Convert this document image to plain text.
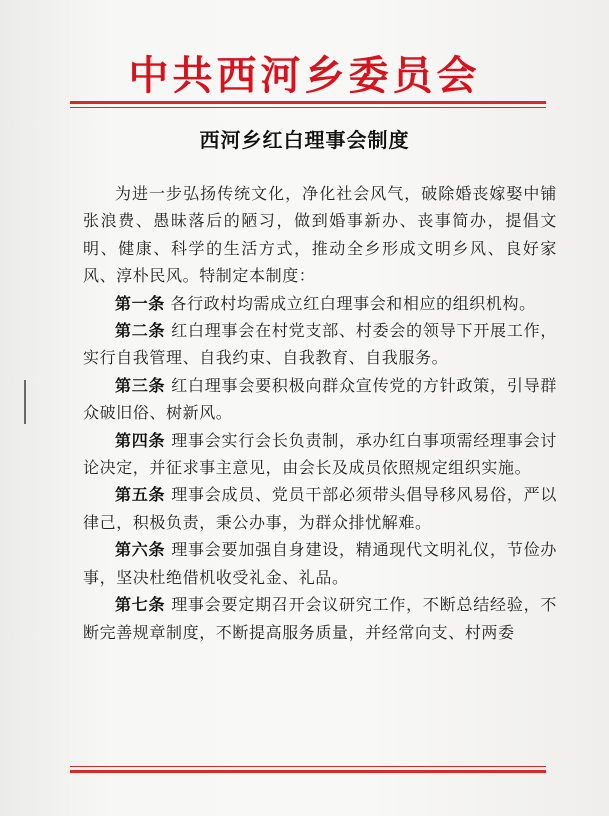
中共西河乡委员会
西河乡红白理事会制度

为进一步弘扬传统文化，净化社会风气，破除婚丧嫁娶中铺张浪费、愚昧落后的陋习，做到婚事新办、丧事简办，提倡文明、健康、科学的生活方式，推动全乡形成文明乡风、良好家风、淳朴民风。特制定本制度：

第一条 各行政村均需成立红白理事会和相应的组织机构。

第二条 红白理事会在村党支部、村委会的领导下开展工作，实行自我管理、自我约束、自我教育、自我服务。

第三条 红白理事会要积极向群众宣传党的方针政策，引导群众破旧俗、树新风。

第四条 理事会实行会长负责制，承办红白事项需经理事会讨论决定，并征求事主意见，由会长及成员依照规定组织实施。

第五条 理事会成员、党员干部必须带头倡导移风易俗，严以律己，积极负责，秉公办事，为群众排忧解难。

第六条 理事会要加强自身建设，精通现代文明礼仪，节俭办事，坚决杜绝借机收受礼金、礼品。

第七条 理事会要定期召开会议研究工作，不断总结经验，不断完善规章制度，不断提高服务质量，并经常向支、村两委
